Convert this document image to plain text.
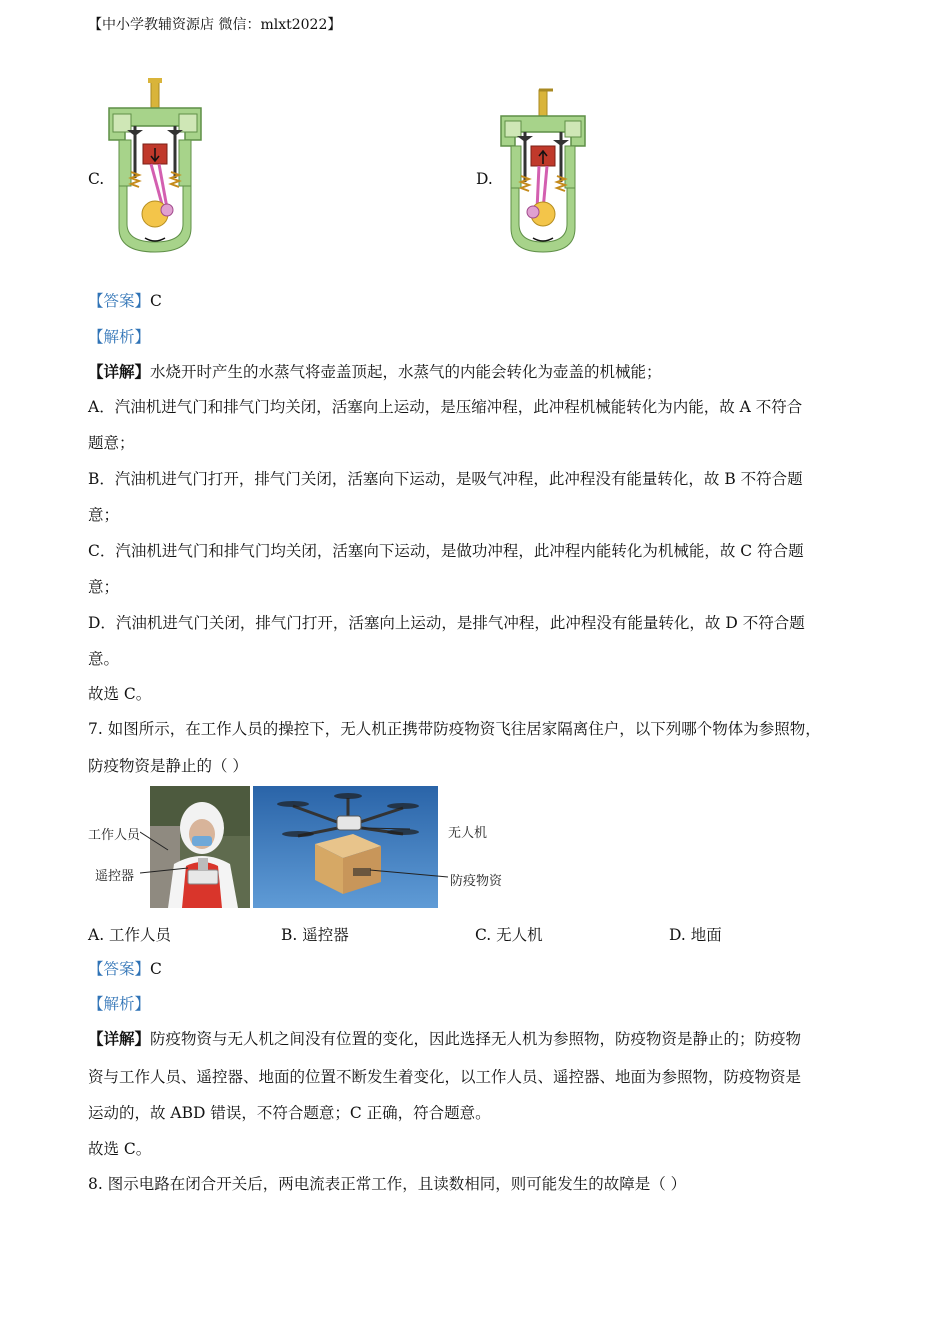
【中小学教辅资源店 微信：mlxt2022】
C.	D.
【答案】C
【解析】
【详解】水烧开时产生的水蒸气将壶盖顶起，水蒸气的内能会转化为壶盖的机械能；
A．汽油机进气门和排气门均关闭，活塞向上运动，是压缩冲程，此冲程机械能转化为内能，故 A 不符合
题意；
B．汽油机进气门打开，排气门关闭，活塞向下运动，是吸气冲程，此冲程没有能量转化，故 B 不符合题
意；
C．汽油机进气门和排气门均关闭，活塞向下运动，是做功冲程，此冲程内能转化为机械能，故 C 符合题
意；
D．汽油机进气门关闭，排气门打开，活塞向上运动，是排气冲程，此冲程没有能量转化，故 D 不符合题
意。
故选 C。
7. 如图所示，在工作人员的操控下，无人机正携带防疫物资飞往居家隔离住户，以下列哪个物体为参照物，
防疫物资是静止的（ ）
工作人员
遥控器
无人机
防疫物资
A. 工作人员	B. 遥控器	C. 无人机	D. 地面
【答案】C
【解析】
【详解】防疫物资与无人机之间没有位置的变化，因此选择无人机为参照物，防疫物资是静止的；防疫物
资与工作人员、遥控器、地面的位置不断发生着变化，以工作人员、遥控器、地面为参照物，防疫物资是
运动的，故 ABD 错误，不符合题意；C 正确，符合题意。
故选 C。
8. 图示电路在闭合开关后，两电流表正常工作，且读数相同，则可能发生的故障是（ ）
